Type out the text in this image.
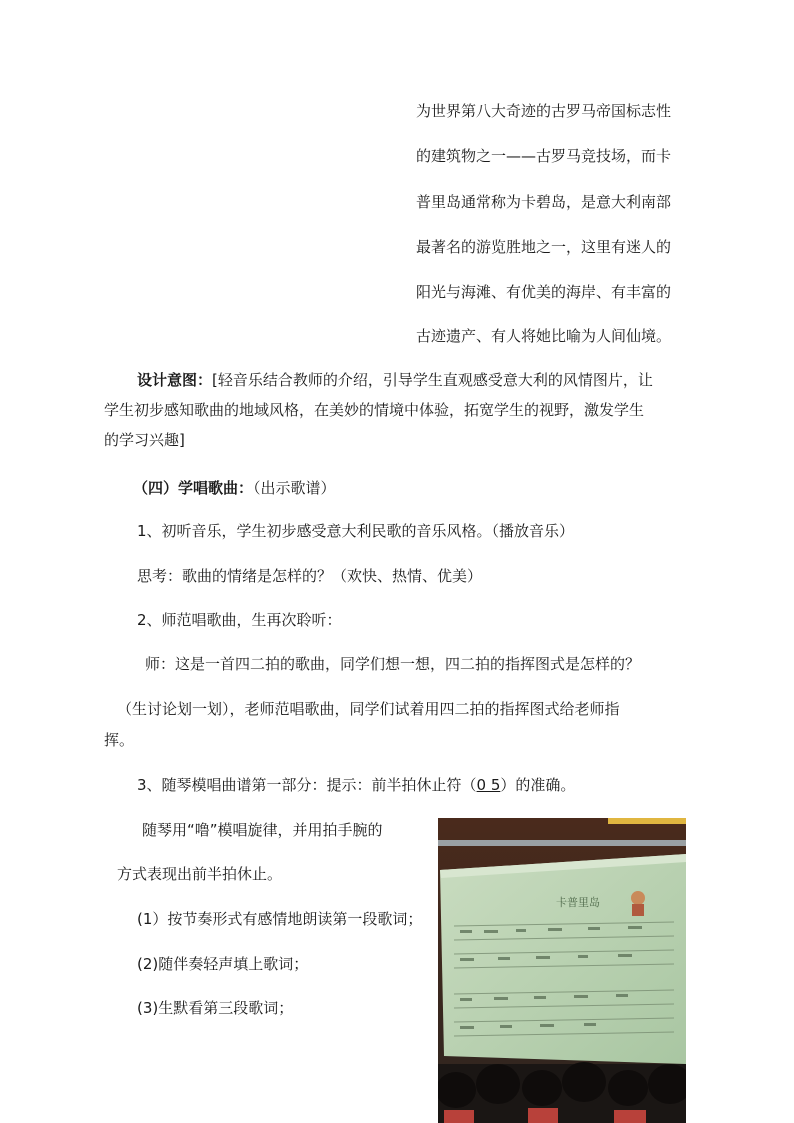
为世界第八大奇迹的古罗马帝国标志性
的建筑物之一——古罗马竞技场，而卡
普里岛通常称为卡碧岛，是意大利南部
最著名的游览胜地之一，这里有迷人的
阳光与海滩、有优美的海岸、有丰富的
古迹遗产、有人将她比喻为人间仙境。
设计意图：[轻音乐结合教师的介绍，引导学生直观感受意大利的风情图片，让
学生初步感知歌曲的地域风格，在美妙的情境中体验，拓宽学生的视野，激发学生
的学习兴趣]
（四）学唱歌曲：（出示歌谱）
1、初听音乐，学生初步感受意大利民歌的音乐风格。（播放音乐）
思考：歌曲的情绪是怎样的？（欢快、热情、优美）
2、师范唱歌曲，生再次聆听：
师：这是一首四二拍的歌曲，同学们想一想，四二拍的指挥图式是怎样的？
（生讨论划一划），老师范唱歌曲，同学们试着用四二拍的指挥图式给老师指
挥。
3、随琴模唱曲谱第一部分：提示：前半拍休止符（0 5）的准确。
随琴用“噜”模唱旋律，并用拍手腕的
方式表现出前半拍休止。
(1）按节奏形式有感情地朗读第一段歌词；
(2)随伴奏轻声填上歌词；
(3)生默看第三段歌词；
卡普里岛
